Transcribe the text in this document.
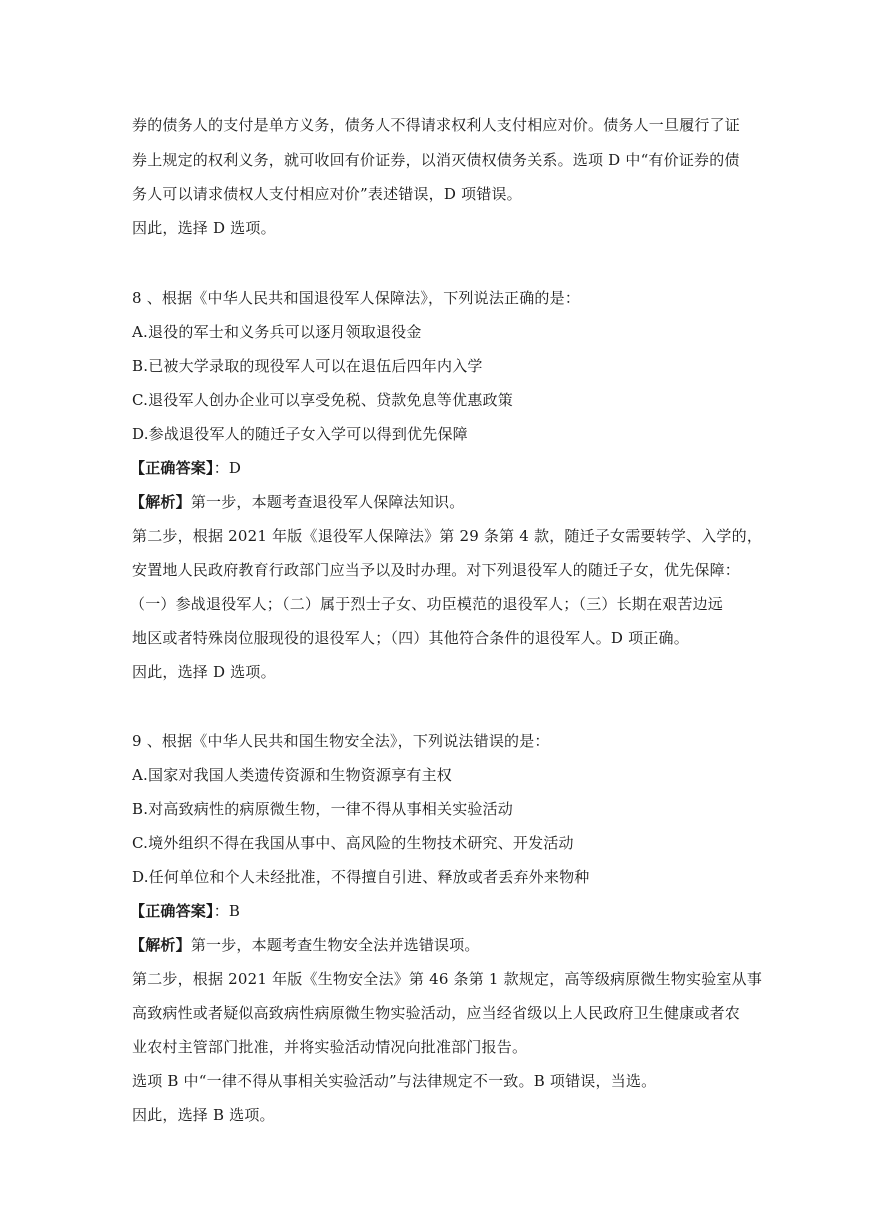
券的债务人的支付是单方义务，债务人不得请求权利人支付相应对价。债务人一旦履行了证
券上规定的权利义务，就可收回有价证券，以消灭债权债务关系。选项 D 中“有价证券的债
务人可以请求债权人支付相应对价”表述错误，D 项错误。
因此，选择 D 选项。
8 、根据《中华人民共和国退役军人保障法》，下列说法正确的是：
A.退役的军士和义务兵可以逐月领取退役金
B.已被大学录取的现役军人可以在退伍后四年内入学
C.退役军人创办企业可以享受免税、贷款免息等优惠政策
D.参战退役军人的随迁子女入学可以得到优先保障
【正确答案】：D
【解析】第一步，本题考查退役军人保障法知识。
第二步，根据 2021 年版《退役军人保障法》第 29 条第 4 款，随迁子女需要转学、入学的，
安置地人民政府教育行政部门应当予以及时办理。对下列退役军人的随迁子女，优先保障：
（一）参战退役军人；（二）属于烈士子女、功臣模范的退役军人；（三）长期在艰苦边远
地区或者特殊岗位服现役的退役军人；（四）其他符合条件的退役军人。D 项正确。
因此，选择 D 选项。
9 、根据《中华人民共和国生物安全法》，下列说法错误的是：
A.国家对我国人类遗传资源和生物资源享有主权
B.对高致病性的病原微生物，一律不得从事相关实验活动
C.境外组织不得在我国从事中、高风险的生物技术研究、开发活动
D.任何单位和个人未经批准，不得擅自引进、释放或者丢弃外来物种
【正确答案】：B
【解析】第一步，本题考查生物安全法并选错误项。
第二步，根据 2021 年版《生物安全法》第 46 条第 1 款规定，高等级病原微生物实验室从事
高致病性或者疑似高致病性病原微生物实验活动，应当经省级以上人民政府卫生健康或者农
业农村主管部门批准，并将实验活动情况向批准部门报告。
选项 B 中“一律不得从事相关实验活动”与法律规定不一致。B 项错误，当选。
因此，选择 B 选项。
